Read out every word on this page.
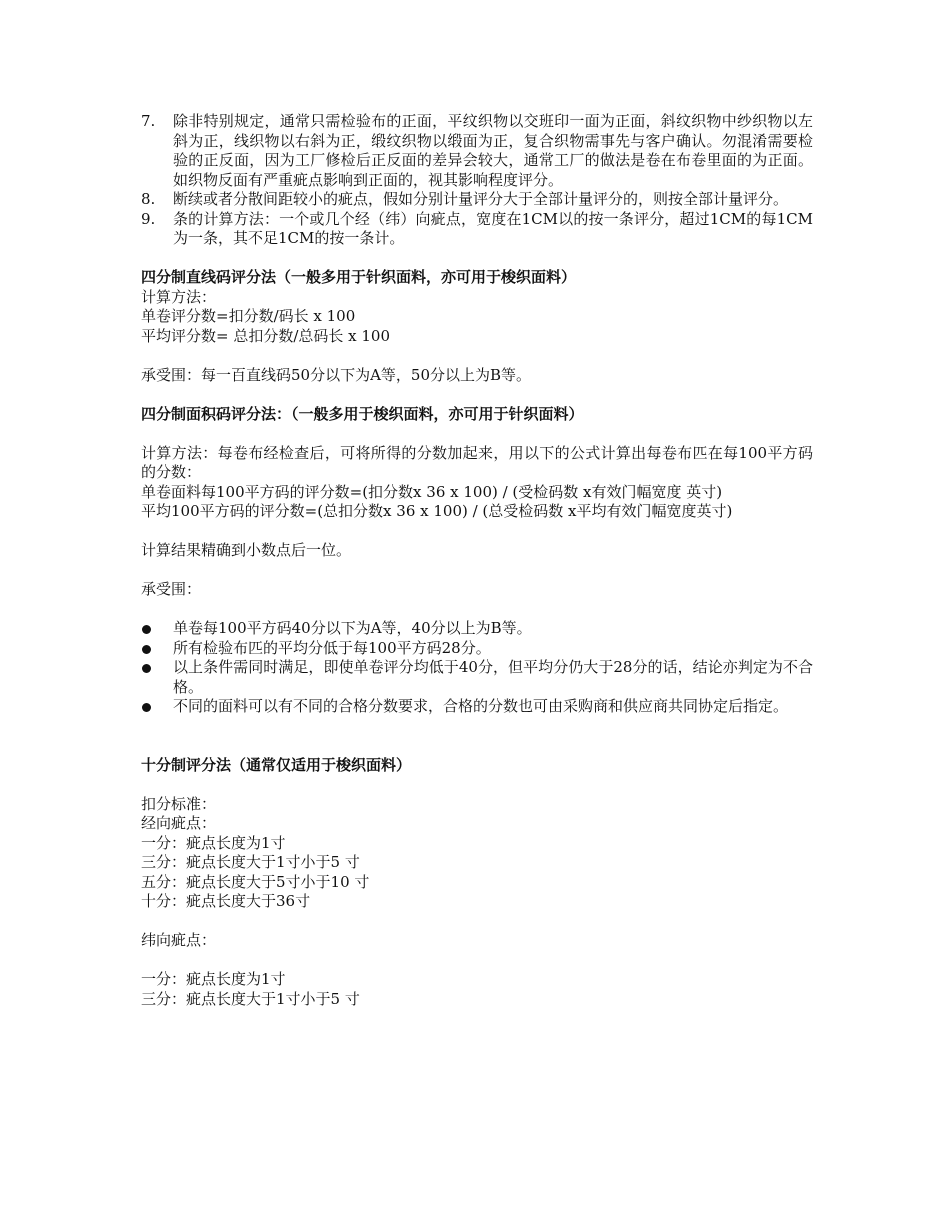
7. 除非特别规定，通常只需检验布的正面，平纹织物以交班印一面为正面，斜纹织物中纱织物以左斜为正，线织物以右斜为正，缎纹织物以缎面为正，复合织物需事先与客户确认。勿混淆需要检验的正反面，因为工厂修检后正反面的差异会较大，通常工厂的做法是卷在布卷里面的为正面。如织物反面有严重疵点影响到正面的，视其影响程度评分。
8. 断续或者分散间距较小的疵点，假如分别计量评分大于全部计量评分的，则按全部计量评分。
9. 条的计算方法：一个或几个经（纬）向疵点，宽度在1CM以的按一条评分，超过1CM的每1CM为一条，其不足1CM的按一条计。
四分制直线码评分法（一般多用于针织面料，亦可用于梭织面料）

计算方法：

单卷评分数=扣分数/码长 x 100

平均评分数= 总扣分数/总码长 x 100

承受围：每一百直线码50分以下为A等，50分以上为B等。

四分制面积码评分法：（一般多用于梭织面料，亦可用于针织面料）

计算方法：每卷布经检查后，可将所得的分数加起来，用以下的公式计算出每卷布匹在每100平方码的分数：

单卷面料每100平方码的评分数=(扣分数x 36 x 100) / (受检码数 x有效门幅宽度 英寸)

平均100平方码的评分数=(总扣分数x 36 x 100) / (总受检码数 x平均有效门幅宽度英寸)

计算结果精确到小数点后一位。

承受围：

单卷每100平方码40分以下为A等，40分以上为B等。
所有检验布匹的平均分低于每100平方码28分。
以上条件需同时满足，即使单卷评分均低于40分，但平均分仍大于28分的话，结论亦判定为不合格。
不同的面料可以有不同的合格分数要求，合格的分数也可由采购商和供应商共同协定后指定。
十分制评分法（通常仅适用于梭织面料）

扣分标准：

经向疵点：

一分：疵点长度为1寸

三分：疵点长度大于1寸小于5 寸

五分：疵点长度大于5寸小于10 寸

十分：疵点长度大于36寸

纬向疵点：

一分：疵点长度为1寸

三分：疵点长度大于1寸小于5 寸
